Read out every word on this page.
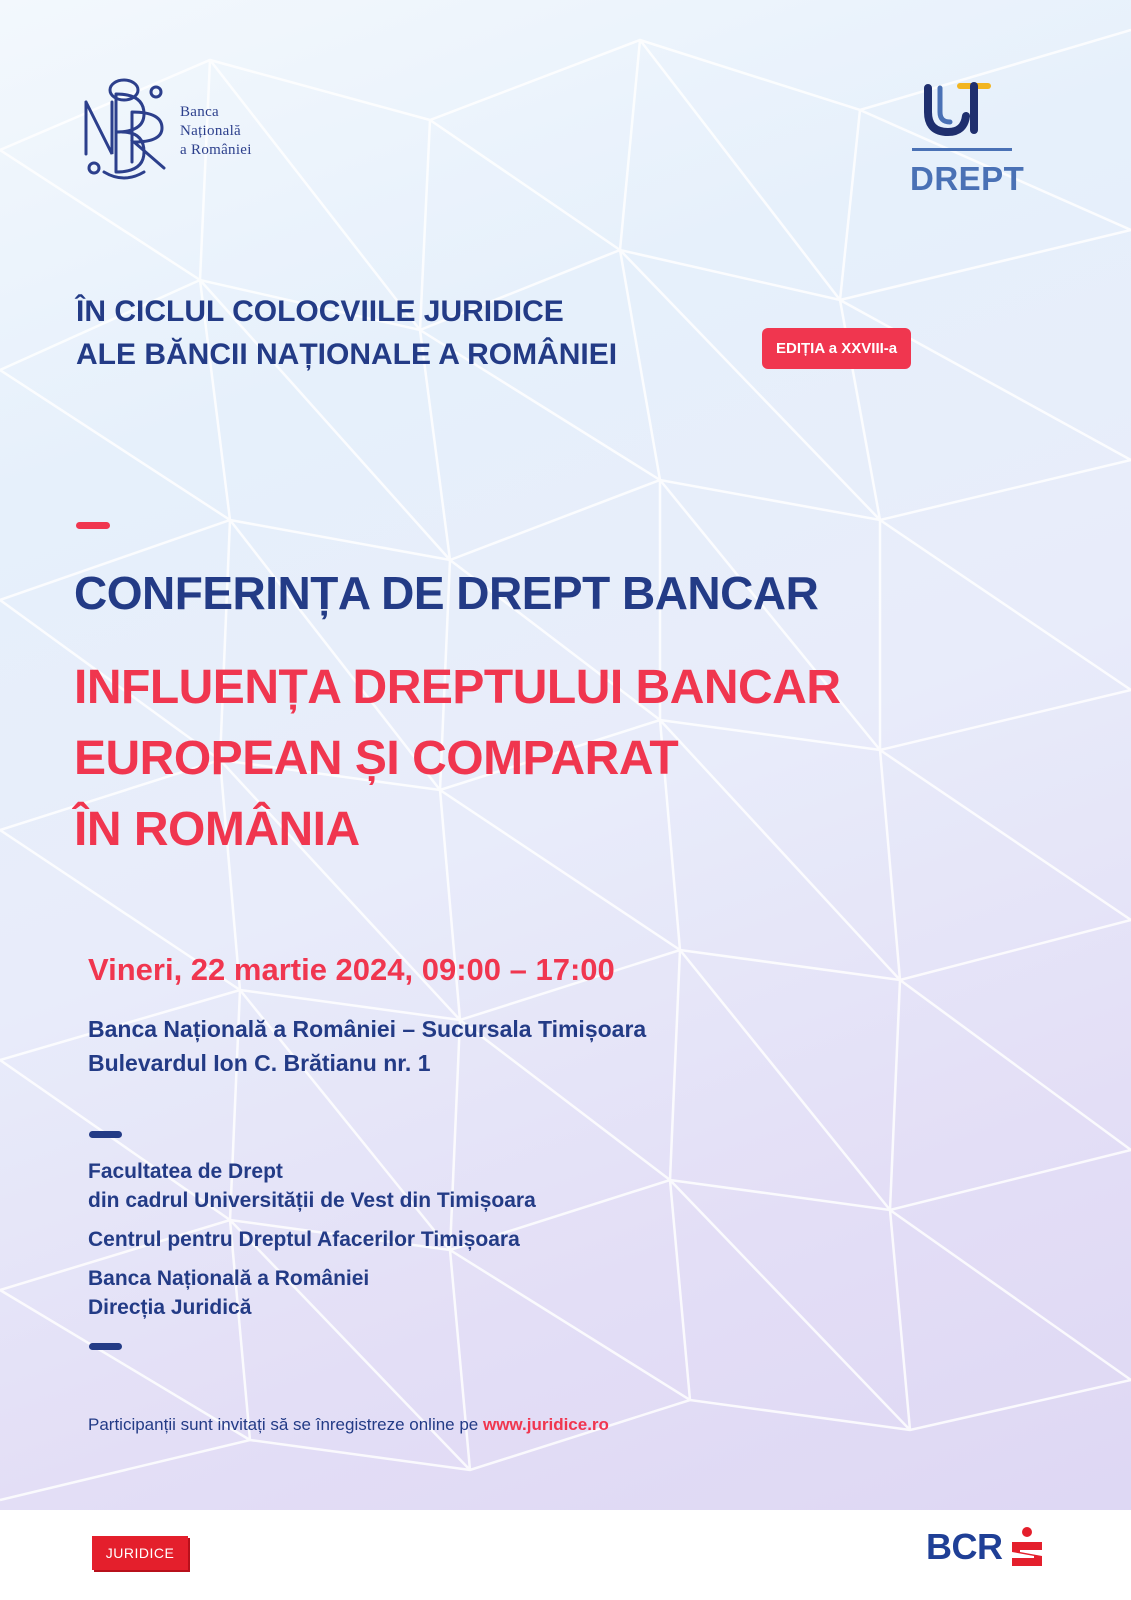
Banca
Națională
a României
DREPT
ÎN CICLUL COLOCVIILE JURIDICE
ALE BĂNCII NAȚIONALE A ROMÂNIEI	EDIȚIA a XXVIII-a
CONFERINȚA DE DREPT BANCAR
INFLUENȚA DREPTULUI BANCAR
EUROPEAN ȘI COMPARAT
ÎN ROMÂNIA
Vineri, 22 martie 2024, 09:00 – 17:00
Banca Națională a României – Sucursala Timișoara
Bulevardul Ion C. Brătianu nr. 1
Facultatea de Drept
din cadrul Universității de Vest din Timișoara
Centrul pentru Dreptul Afacerilor Timișoara
Banca Națională a României
Direcția Juridică
Participanții sunt invitați să se înregistreze online pe www.juridice.ro
JURIDICE	BCR
